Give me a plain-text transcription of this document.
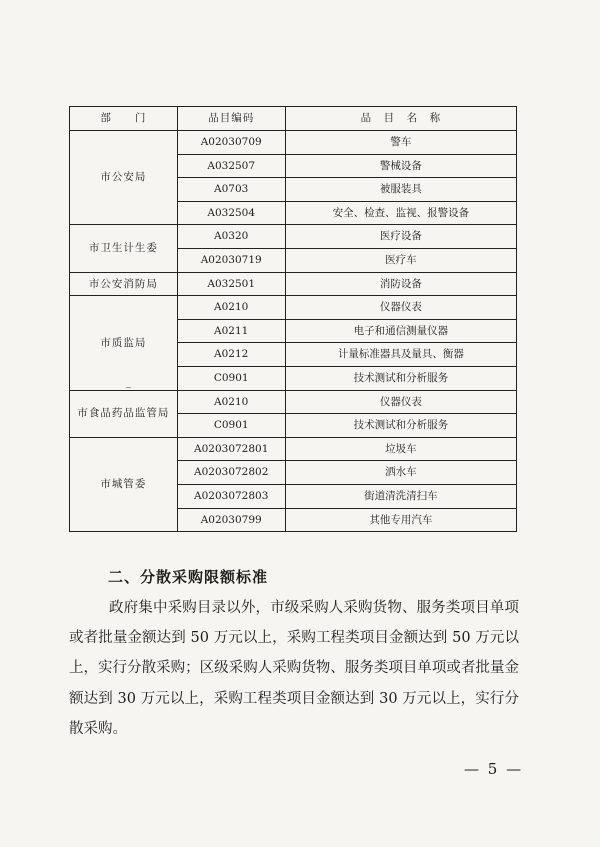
部　　门	品目编码	品　目　名　称
市公安局	A02030709	警车
	A032507	警械设备
	A0703	被服装具
	A032504	安全、检查、监视、报警设备
市卫生计生委	A0320	医疗设备
	A02030719	医疗车
市公安消防局	A032501	消防设备
市质监局	A0210	仪器仪表
	A0211	电子和通信测量仪器
	A0212	计量标准器具及量具、衡器
	C0901	技术测试和分析服务
市食品药品监管局	A0210	仪器仪表
	C0901	技术测试和分析服务
市城管委	A0203072801	垃圾车
	A0203072802	洒水车
	A0203072803	街道清洗清扫车
	A02030799	其他专用汽车
~
二、分散采购限额标准

政府集中采购目录以外，市级采购人采购货物、服务类项目单项或者批量金额达到 50 万元以上，采购工程类项目金额达到 50 万元以上，实行分散采购；区级采购人采购货物、服务类项目单项或者批量金额达到 30 万元以上，采购工程类项目金额达到 30 万元以上，实行分散采购。

— 5 —
